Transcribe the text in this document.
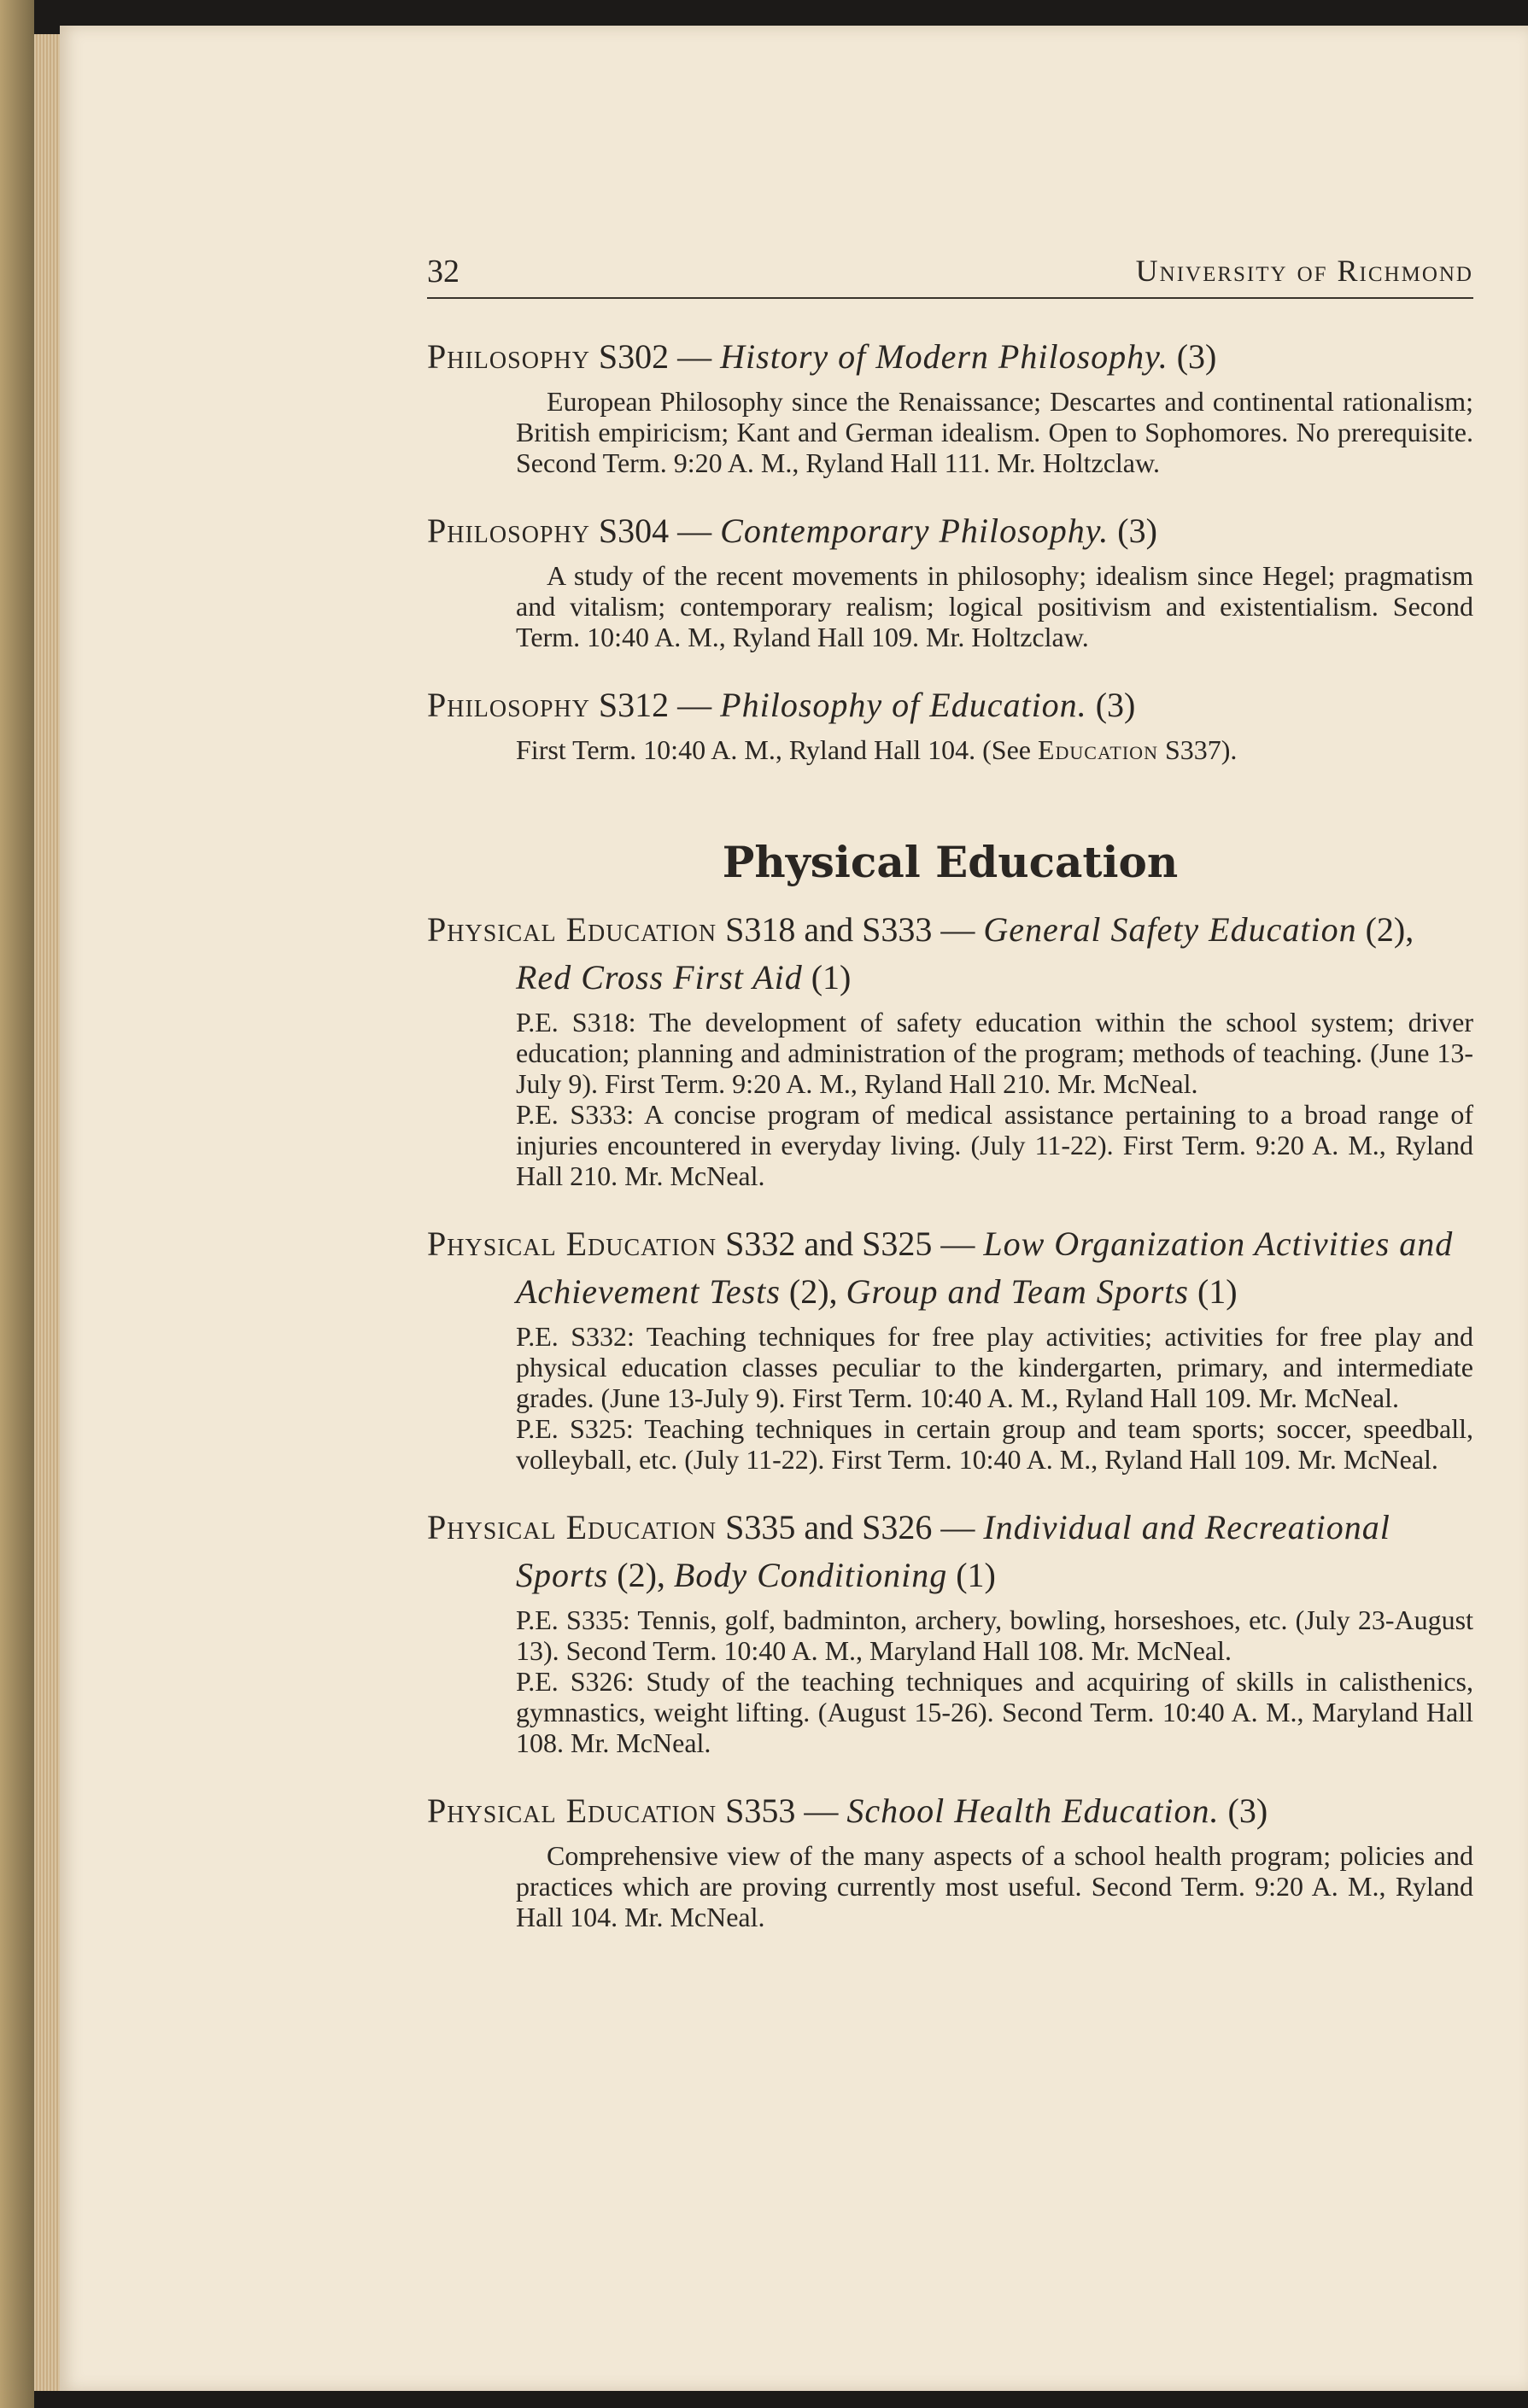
32	University of Richmond
Philosophy S302 — History of Modern Philosophy. (3)

European Philosophy since the Renaissance; Descartes and continental rationalism; British empiricism; Kant and German idealism. Open to Sophomores. No prerequisite. Second Term. 9:20 A. M., Ryland Hall 111. Mr. Holtzclaw.

Philosophy S304 — Contemporary Philosophy. (3)

A study of the recent movements in philosophy; idealism since Hegel; pragmatism and vitalism; contemporary realism; logical positivism and existentialism. Second Term. 10:40 A. M., Ryland Hall 109. Mr. Holtzclaw.

Philosophy S312 — Philosophy of Education. (3)

First Term. 10:40 A. M., Ryland Hall 104. (See Education S337).

Physical Education
Physical Education S318 and S333 — General Safety Education (2), Red Cross First Aid (1)

P.E. S318: The development of safety education within the school system; driver education; planning and administration of the program; methods of teaching. (June 13-July 9). First Term. 9:20 A. M., Ryland Hall 210. Mr. McNeal.

P.E. S333: A concise program of medical assistance pertaining to a broad range of injuries encountered in everyday living. (July 11-22). First Term. 9:20 A. M., Ryland Hall 210. Mr. McNeal.

Physical Education S332 and S325 — Low Organization Activities and Achievement Tests (2), Group and Team Sports (1)

P.E. S332: Teaching techniques for free play activities; activities for free play and physical education classes peculiar to the kindergarten, primary, and intermediate grades. (June 13-July 9). First Term. 10:40 A. M., Ryland Hall 109. Mr. McNeal.

P.E. S325: Teaching techniques in certain group and team sports; soccer, speedball, volleyball, etc. (July 11-22). First Term. 10:40 A. M., Ryland Hall 109. Mr. McNeal.

Physical Education S335 and S326 — Individual and Recreational Sports (2), Body Conditioning (1)

P.E. S335: Tennis, golf, badminton, archery, bowling, horseshoes, etc. (July 23-August 13). Second Term. 10:40 A. M., Maryland Hall 108. Mr. McNeal.

P.E. S326: Study of the teaching techniques and acquiring of skills in calisthenics, gymnastics, weight lifting. (August 15-26). Second Term. 10:40 A. M., Maryland Hall 108. Mr. McNeal.

Physical Education S353 — School Health Education. (3)

Comprehensive view of the many aspects of a school health program; policies and practices which are proving currently most useful. Second Term. 9:20 A. M., Ryland Hall 104. Mr. McNeal.
